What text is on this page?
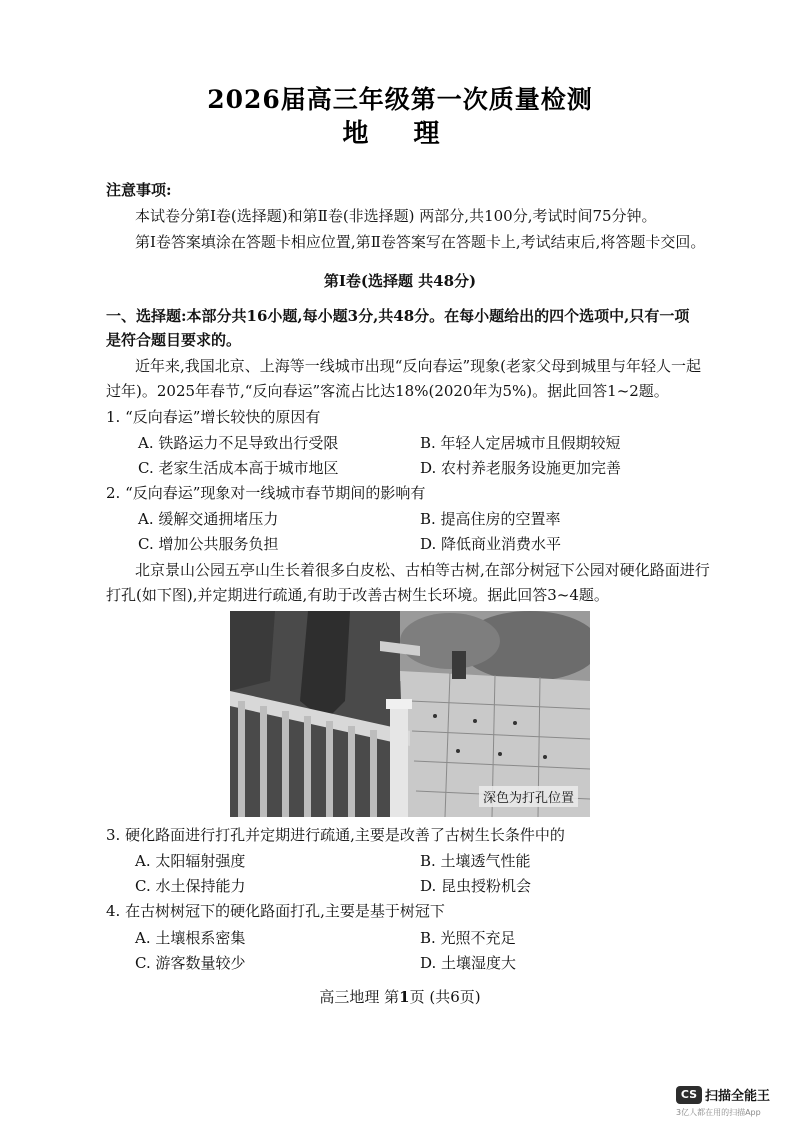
2026届高三年级第一次质量检测
地 理
注意事项:
本试卷分第Ⅰ卷(选择题)和第Ⅱ卷(非选择题) 两部分,共100分,考试时间75分钟。
第Ⅰ卷答案填涂在答题卡相应位置,第Ⅱ卷答案写在答题卡上,考试结束后,将答题卡交回。
第Ⅰ卷(选择题 共48分)
一、选择题:本部分共16小题,每小题3分,共48分。在每小题给出的四个选项中,只有一项
是符合题目要求的。
近年来,我国北京、上海等一线城市出现“反向春运”现象(老家父母到城里与年轻人一起
过年)。2025年春节,“反向春运”客流占比达18%(2020年为5%)。据此回答1~2题。
1. “反向春运”增长较快的原因有
A. 铁路运力不足导致出行受限	B. 年轻人定居城市且假期较短
C. 老家生活成本高于城市地区	D. 农村养老服务设施更加完善
2. “反向春运”现象对一线城市春节期间的影响有
A. 缓解交通拥堵压力	B. 提高住房的空置率
C. 增加公共服务负担	D. 降低商业消费水平
北京景山公园五亭山生长着很多白皮松、古柏等古树,在部分树冠下公园对硬化路面进行
打孔(如下图),并定期进行疏通,有助于改善古树生长环境。据此回答3~4题。
深色为打孔位置
3. 硬化路面进行打孔并定期进行疏通,主要是改善了古树生长条件中的
A. 太阳辐射强度	B. 土壤透气性能
C. 水土保持能力	D. 昆虫授粉机会
4. 在古树树冠下的硬化路面打孔,主要是基于树冠下
A. 土壤根系密集	B. 光照不充足
C. 游客数量较少	D. 土壤湿度大
高三地理 第1页 (共6页)
CS 扫描全能王
3亿人都在用的扫描App
